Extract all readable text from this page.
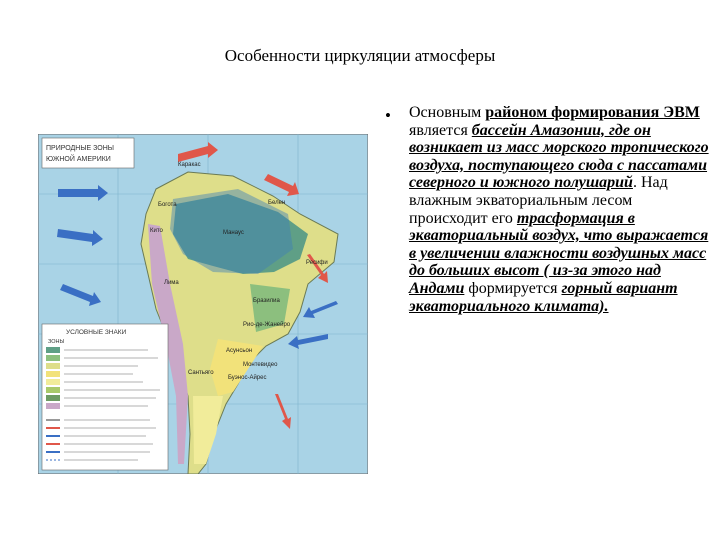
Особенности циркуляции атмосферы
ПРИРОДНЫЕ ЗОНЫ
ЮЖНОЙ АМЕРИКИ
Каракас
Богота
Кито
Лима
Манаус
Белен
Ресифи
Бразилиа
Рио-де-Жанейро
Асунсьон
Буэнос-Айрес
Сантьяго
Монтевидео
УСЛОВНЫЕ ЗНАКИ
ЗОНЫ
• Основным районом формирования ЭВМ является бассейн Амазонии, где он возникает из масс морского тропического воздуха, поступающего сюда с пассатами северного и южного полушарий. Над влажным экваториальным лесом происходит его трасформация в экваториальный воздух, что выражается в увеличении влажности воздушных масс до больших высот ( из-за этого над Андами формируется горный вариант экваториального климата).
